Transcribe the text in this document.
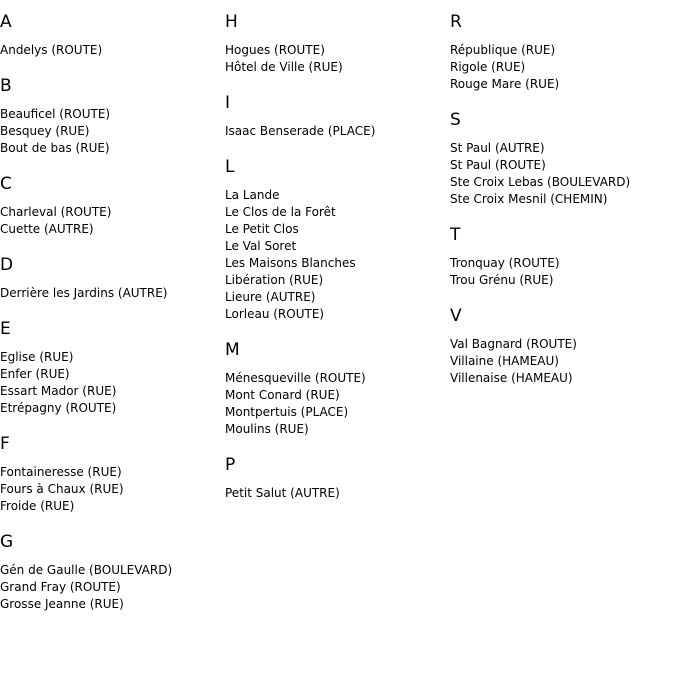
A
Andelys (ROUTE)
B
Beauficel (ROUTE)
Besquey (RUE)
Bout de bas (RUE)
C
Charleval (ROUTE)
Cuette (AUTRE)
D
Derrière les Jardins (AUTRE)
E
Eglise (RUE)
Enfer (RUE)
Essart Mador (RUE)
Etrépagny (ROUTE)
F
Fontaineresse (RUE)
Fours à Chaux (RUE)
Froide (RUE)
G
Gén de Gaulle (BOULEVARD)
Grand Fray (ROUTE)
Grosse Jeanne (RUE)
H
Hogues (ROUTE)
Hôtel de Ville (RUE)
I
Isaac Benserade (PLACE)
L
La Lande
Le Clos de la Forêt
Le Petit Clos
Le Val Soret
Les Maisons Blanches
Libération (RUE)
Lieure (AUTRE)
Lorleau (ROUTE)
M
Ménesqueville (ROUTE)
Mont Conard (RUE)
Montpertuis (PLACE)
Moulins (RUE)
P
Petit Salut (AUTRE)
R
République (RUE)
Rigole (RUE)
Rouge Mare (RUE)
S
St Paul (AUTRE)
St Paul (ROUTE)
Ste Croix Lebas (BOULEVARD)
Ste Croix Mesnil (CHEMIN)
T
Tronquay (ROUTE)
Trou Grénu (RUE)
V
Val Bagnard (ROUTE)
Villaine (HAMEAU)
Villenaise (HAMEAU)
